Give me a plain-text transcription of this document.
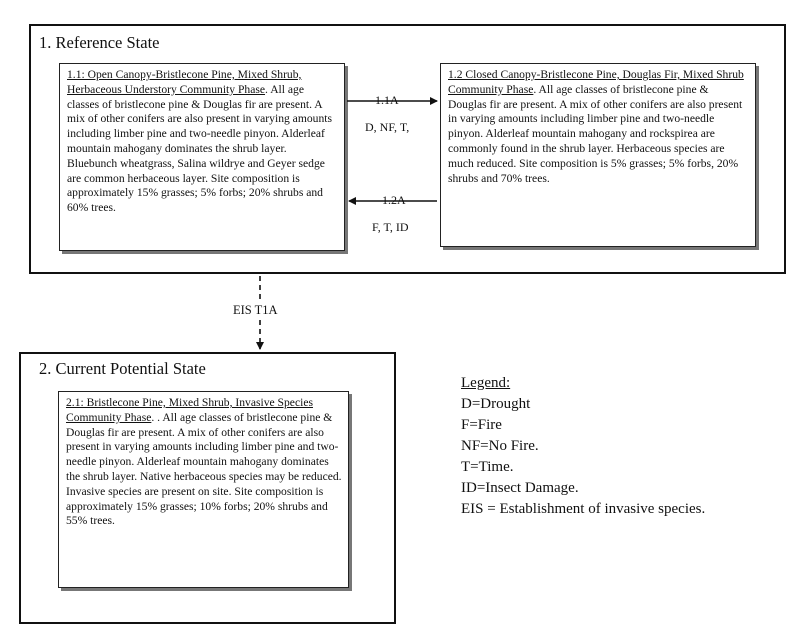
1. Reference State
1.1: Open Canopy-Bristlecone Pine, Mixed Shrub, Herbaceous Understory Community Phase. All age classes of bristlecone pine & Douglas fir are present. A mix of other conifers are also present in varying amounts including limber pine and two-needle pinyon. Alderleaf mountain mahogany dominates the shrub layer. Bluebunch wheatgrass, Salina wildrye and Geyer sedge are common herbaceous layer. Site composition is approximately 15% grasses; 5% forbs; 20% shrubs and 60% trees.
1.2 Closed Canopy-Bristlecone Pine, Douglas Fir, Mixed Shrub Community Phase. All age classes of bristlecone pine & Douglas fir are present. A mix of other conifers are also present in varying amounts including limber pine and two-needle pinyon. Alderleaf mountain mahogany and rockspirea are commonly found in the shrub layer. Herbaceous species are much reduced. Site composition is 5% grasses; 5% forbs, 20% shrubs and 70% trees.
1.1A
D, NF, T,
1.2A
F, T, ID
EIS T1A
2. Current Potential State
2.1: Bristlecone Pine, Mixed Shrub, Invasive Species Community Phase. . All age classes of bristlecone pine & Douglas fir are present. A mix of other conifers are also present in varying amounts including limber pine and two-needle pinyon. Alderleaf mountain mahogany dominates the shrub layer. Native herbaceous species may be reduced. Invasive species are present on site. Site composition is approximately 15% grasses; 10% forbs; 20% shrubs and 55% trees.
Legend:
D=Drought
F=Fire
NF=No Fire.
T=Time.
ID=Insect Damage.
EIS = Establishment of invasive species.
